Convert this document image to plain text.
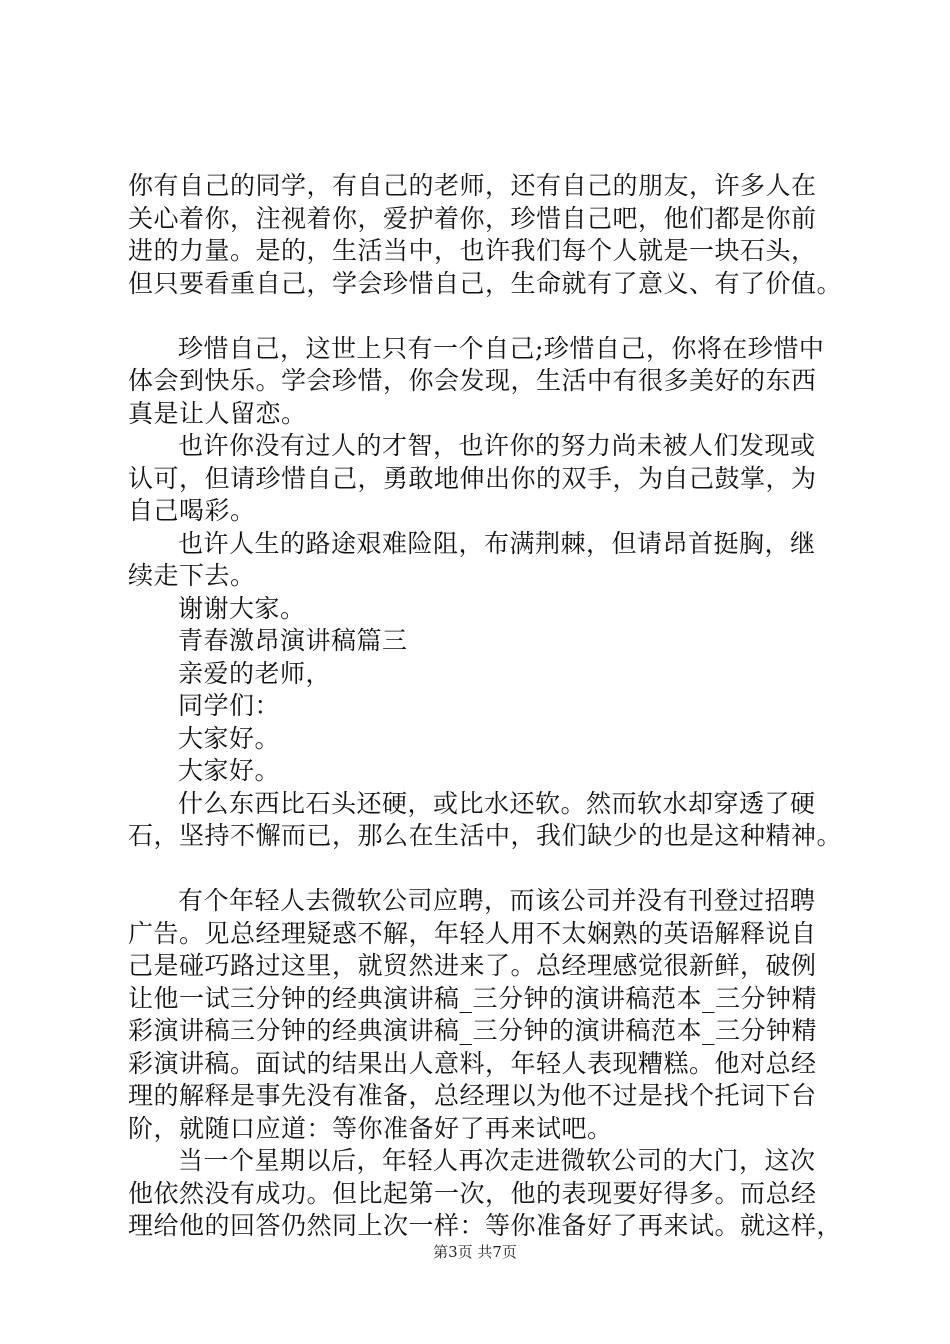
你有自己的同学，有自己的老师，还有自己的朋友，许多人在
关心着你，注视着你，爱护着你，珍惜自己吧，他们都是你前
进的力量。是的，生活当中，也许我们每个人就是一块石头，
但只要看重自己，学会珍惜自己，生命就有了意义、有了价值。
珍惜自己，这世上只有一个自己;珍惜自己，你将在珍惜中
体会到快乐。学会珍惜，你会发现，生活中有很多美好的东西
真是让人留恋。
也许你没有过人的才智，也许你的努力尚未被人们发现或
认可，但请珍惜自己，勇敢地伸出你的双手，为自己鼓掌，为
自己喝彩。
也许人生的路途艰难险阻，布满荆棘，但请昂首挺胸，继
续走下去。
谢谢大家。
青春激昂演讲稿篇三
亲爱的老师，
同学们：
大家好。
大家好。
什么东西比石头还硬，或比水还软。然而软水却穿透了硬
石，坚持不懈而已，那么在生活中，我们缺少的也是这种精神。
有个年轻人去微软公司应聘，而该公司并没有刊登过招聘
广告。见总经理疑惑不解，年轻人用不太娴熟的英语解释说自
己是碰巧路过这里，就贸然进来了。总经理感觉很新鲜，破例
让他一试三分钟的经典演讲稿_三分钟的演讲稿范本_三分钟精
彩演讲稿三分钟的经典演讲稿_三分钟的演讲稿范本_三分钟精
彩演讲稿。面试的结果出人意料，年轻人表现糟糕。他对总经
理的解释是事先没有准备，总经理以为他不过是找个托词下台
阶，就随口应道：等你准备好了再来试吧。
当一个星期以后，年轻人再次走进微软公司的大门，这次
他依然没有成功。但比起第一次，他的表现要好得多。而总经
理给他的回答仍然同上次一样：等你准备好了再来试。就这样，
第3页 共7页
